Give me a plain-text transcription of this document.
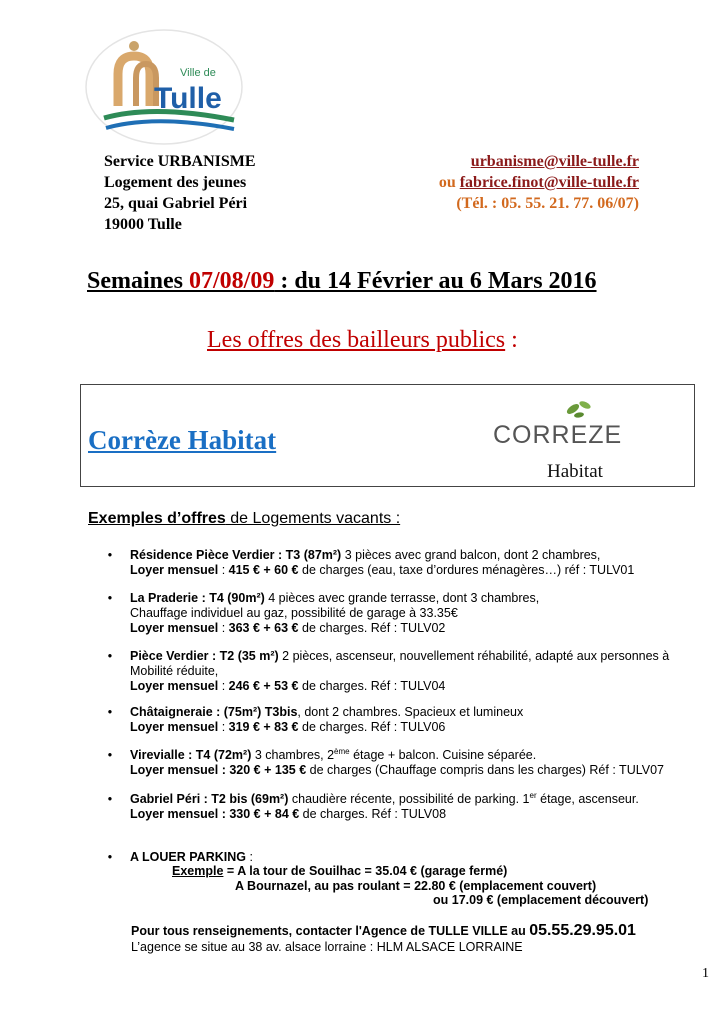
Ville de
Tulle
Service URBANISME
Logement des jeunes
25, quai Gabriel Péri
19000 Tulle
urbanisme@ville-tulle.fr
ou fabrice.finot@ville-tulle.fr
(Tél. : 05. 55. 21. 77. 06/07)
Semaines 07/08/09 : du 14 Février au 6 Mars 2016
Les offres des bailleurs publics :
Corrèze Habitat	CORREZE
Habitat
Exemples d’offres de Logements vacants :
•	Résidence Pièce Verdier : T3 (87m²) 3 pièces avec grand balcon, dont 2 chambres,
Loyer mensuel : 415 € + 60 € de charges (eau, taxe d’ordures ménagères…) réf : TULV01
•	La Praderie : T4 (90m²) 4 pièces avec grande terrasse, dont 3 chambres,
Chauffage individuel au gaz, possibilité de garage à 33.35€
Loyer mensuel : 363 € + 63 € de charges. Réf : TULV02
•	Pièce Verdier : T2 (35 m²) 2 pièces, ascenseur, nouvellement réhabilité, adapté aux personnes à
Mobilité réduite,
Loyer mensuel : 246 € + 53 € de charges. Réf : TULV04
•	Châtaigneraie : (75m²) T3bis, dont 2 chambres. Spacieux et lumineux
Loyer mensuel : 319 € + 83 € de charges. Réf : TULV06
•	Virevialle : T4 (72m²) 3 chambres, 2ème étage + balcon. Cuisine séparée.
Loyer mensuel : 320 € + 135 € de charges (Chauffage compris dans les charges) Réf : TULV07
•	Gabriel Péri : T2 bis (69m²) chaudière récente, possibilité de parking. 1er étage, ascenseur.
Loyer mensuel : 330 € + 84 € de charges. Réf : TULV08
•	A LOUER PARKING :
Exemple = A la tour de Souilhac = 35.04 € (garage fermé)
A Bournazel, au pas roulant = 22.80 € (emplacement couvert)
ou 17.09 € (emplacement découvert)
Pour tous renseignements, contacter l'Agence de TULLE VILLE au 05.55.29.95.01
L’agence se situe au 38 av. alsace lorraine : HLM ALSACE LORRAINE
1
